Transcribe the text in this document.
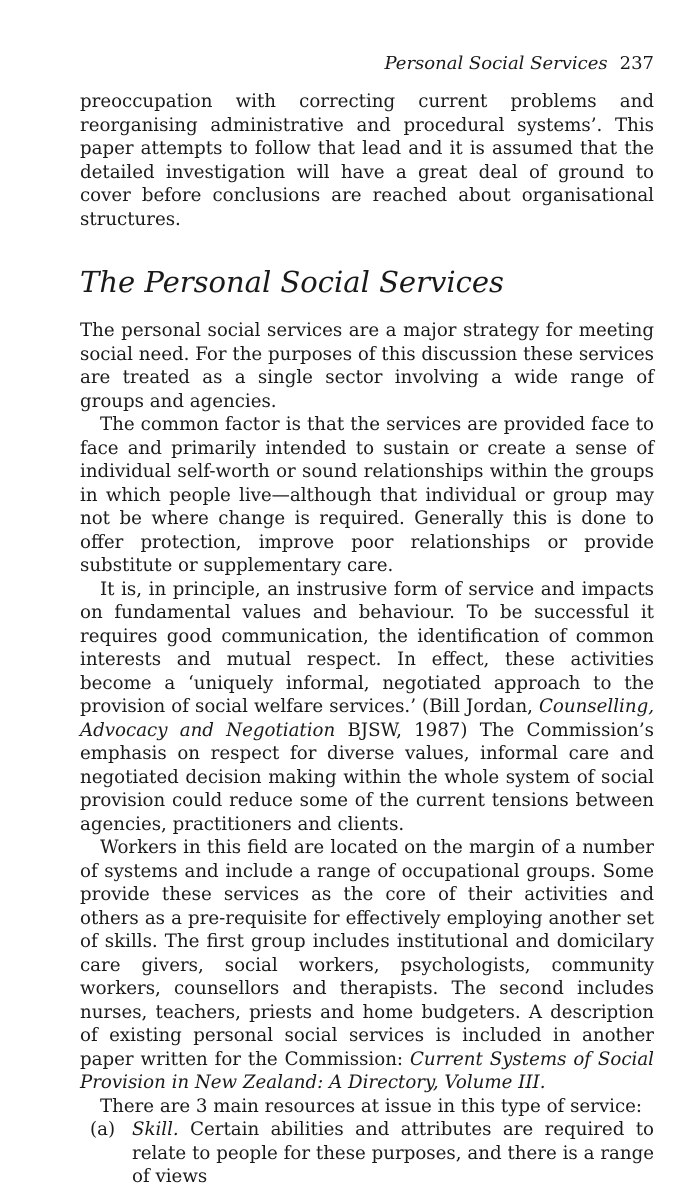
Personal Social Services 237

preoccupation with correcting current problems and reorganising administrative and procedural systems’. This paper attempts to follow that lead and it is assumed that the detailed investigation will have a great deal of ground to cover before conclusions are reached about organisational structures.

The Personal Social Services

The personal social services are a major strategy for meeting social need. For the purposes of this discussion these services are treated as a single sector involving a wide range of groups and agencies.

The common factor is that the services are provided face to face and primarily intended to sustain or create a sense of individual self-worth or sound relationships within the groups in which people live—although that individual or group may not be where change is required. Generally this is done to offer protection, improve poor relationships or provide substitute or supplementary care.

It is, in principle, an instrusive form of service and impacts on fundamental values and behaviour. To be successful it requires good communication, the identification of common interests and mutual respect. In effect, these activities become a ‘uniquely informal, negotiated approach to the provision of social welfare services.’ (Bill Jordan, Counselling, Advocacy and Negotiation BJSW, 1987) The Commission’s emphasis on respect for diverse values, informal care and negotiated decision making within the whole system of social provision could reduce some of the current tensions between agencies, practitioners and clients.

Workers in this field are located on the margin of a number of systems and include a range of occupational groups. Some provide these services as the core of their activities and others as a pre-requisite for effectively employing another set of skills. The first group includes institutional and domicilary care givers, social workers, psychologists, community workers, counsellors and therapists. The second includes nurses, teachers, priests and home budgeters. A description of existing personal social services is included in another paper written for the Commission: Current Systems of Social Provision in New Zealand: A Directory, Volume III.

There are 3 main resources at issue in this type of service:

(a) Skill. Certain abilities and attributes are required to relate to people for these purposes, and there is a range of views
